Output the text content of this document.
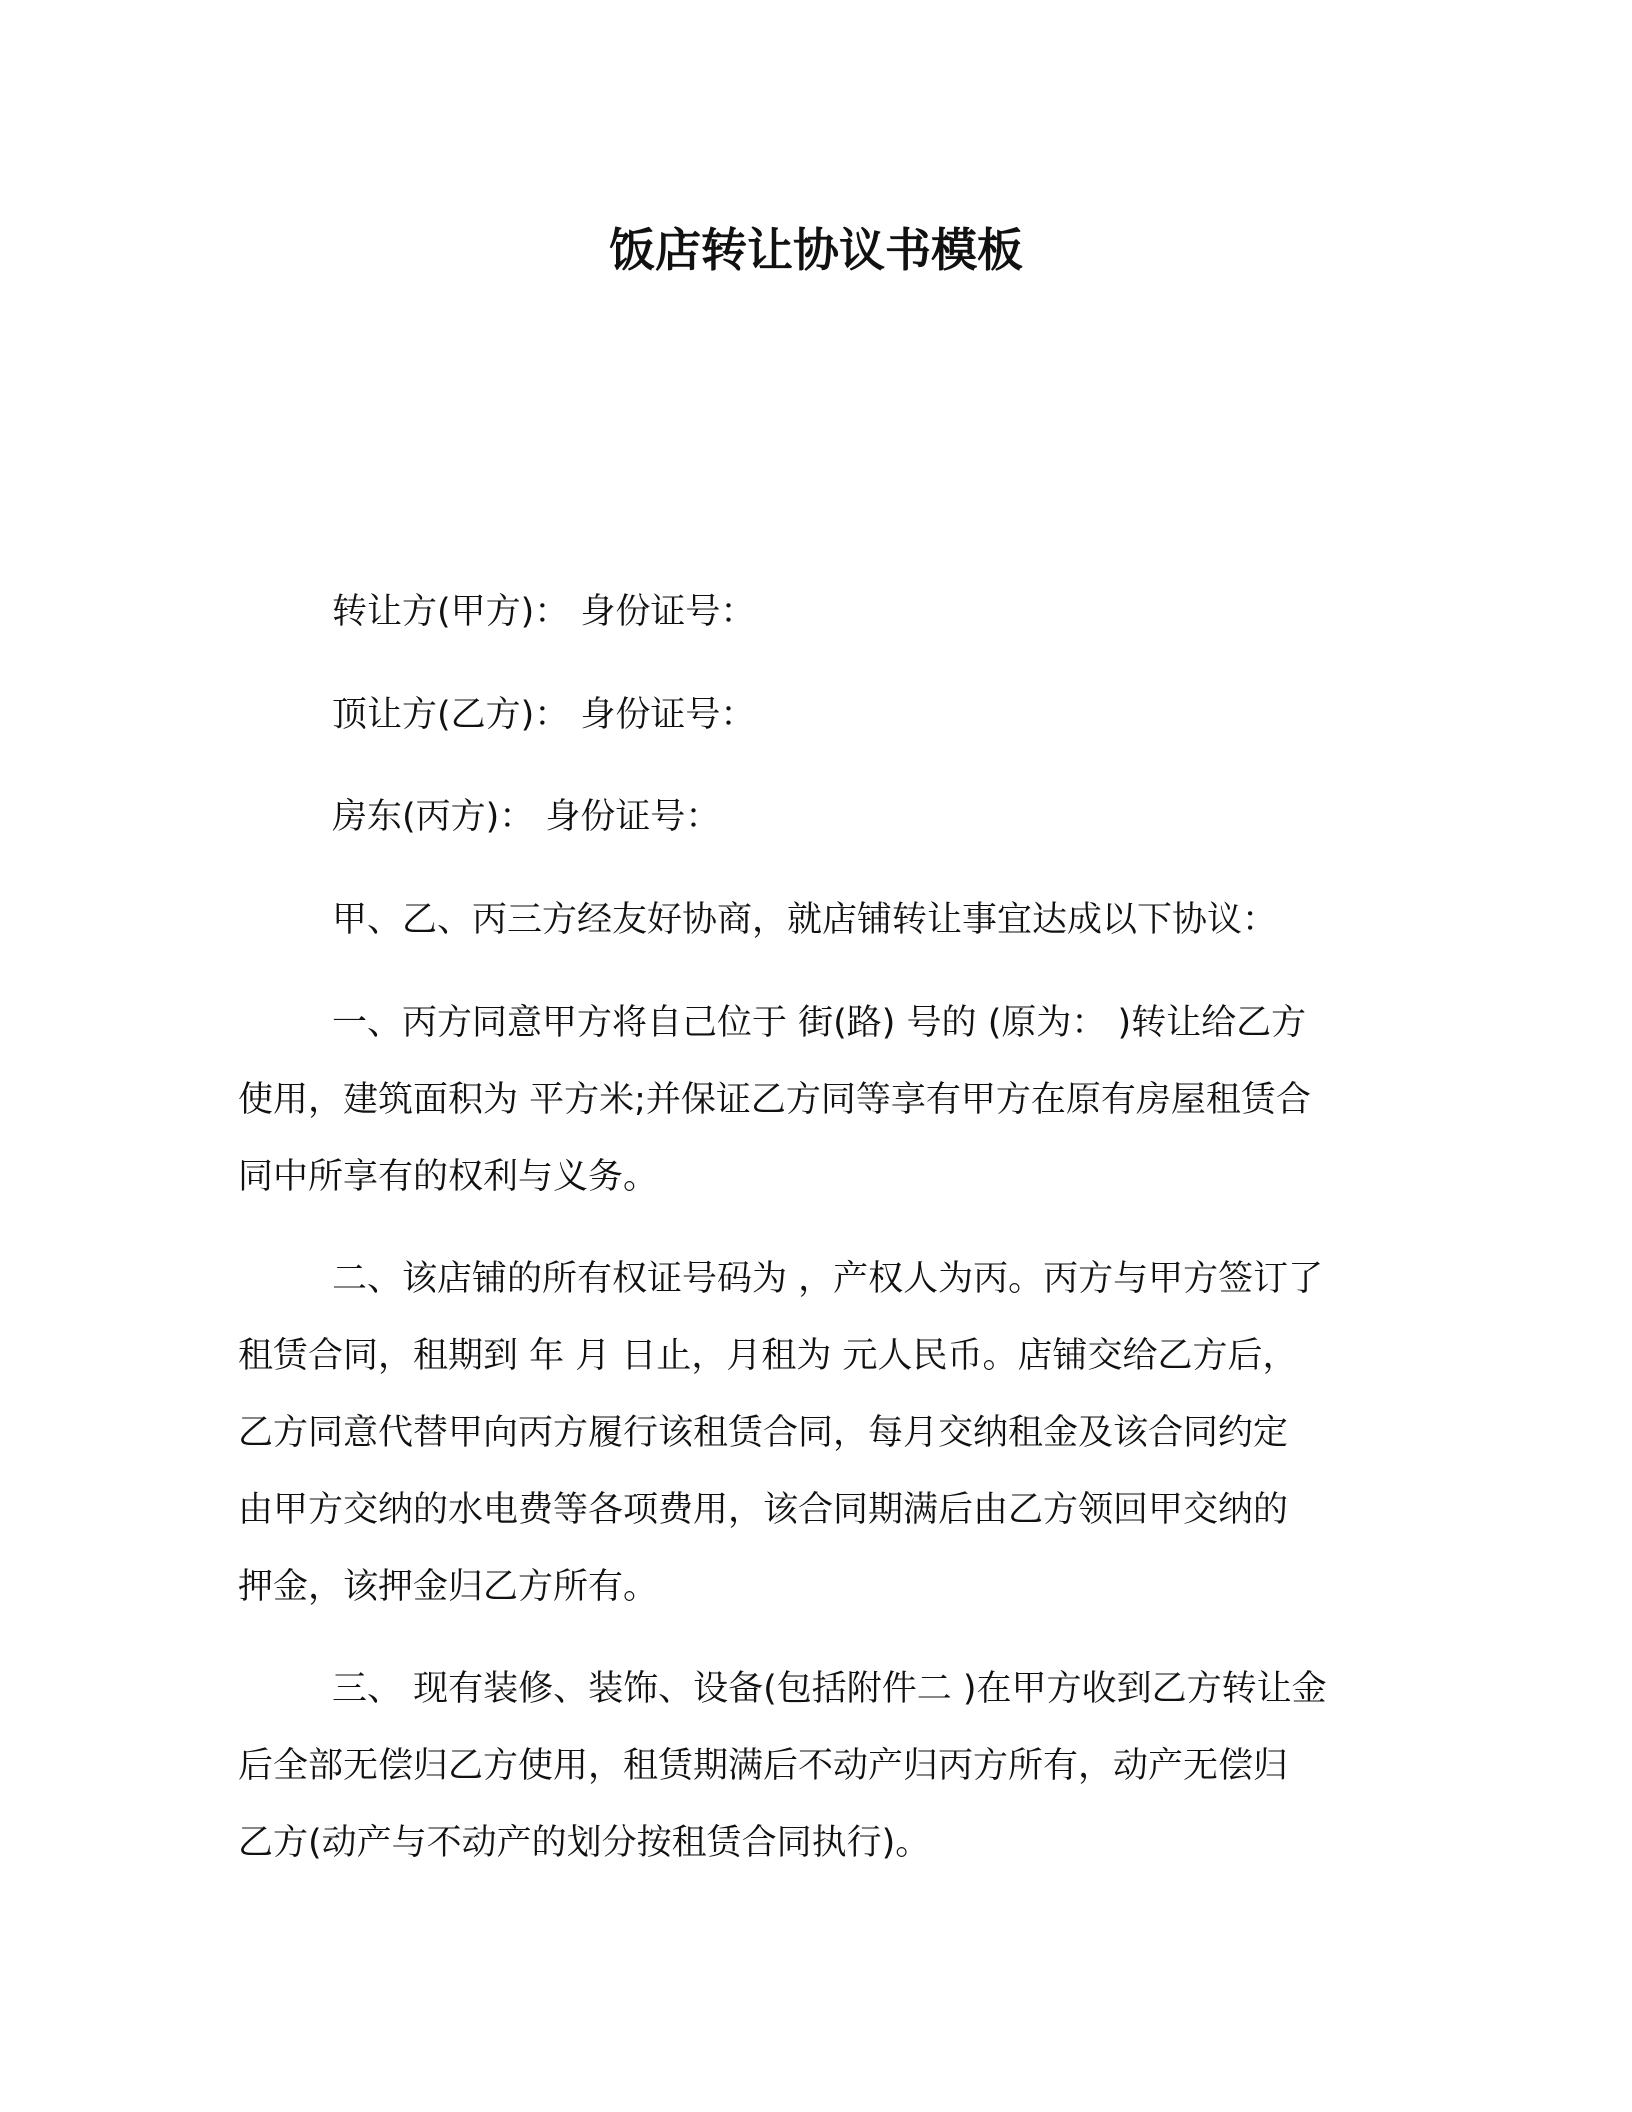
饭店转让协议书模板

转让方(甲方)： 身份证号：

顶让方(乙方)： 身份证号：

房东(丙方)： 身份证号：

甲、乙、丙三方经友好协商，就店铺转让事宜达成以下协议：

一、丙方同意甲方将自己位于 街(路) 号的 (原为： )转让给乙方
使用，建筑面积为 平方米;并保证乙方同等享有甲方在原有房屋租赁合
同中所享有的权利与义务。
二、该店铺的所有权证号码为 ，产权人为丙。丙方与甲方签订了
租赁合同，租期到 年 月 日止，月租为 元人民币。店铺交给乙方后，
乙方同意代替甲向丙方履行该租赁合同，每月交纳租金及该合同约定
由甲方交纳的水电费等各项费用，该合同期满后由乙方领回甲交纳的
押金，该押金归乙方所有。
三、 现有装修、装饰、设备(包括附件二 )在甲方收到乙方转让金
后全部无偿归乙方使用，租赁期满后不动产归丙方所有，动产无偿归
乙方(动产与不动产的划分按租赁合同执行)。
